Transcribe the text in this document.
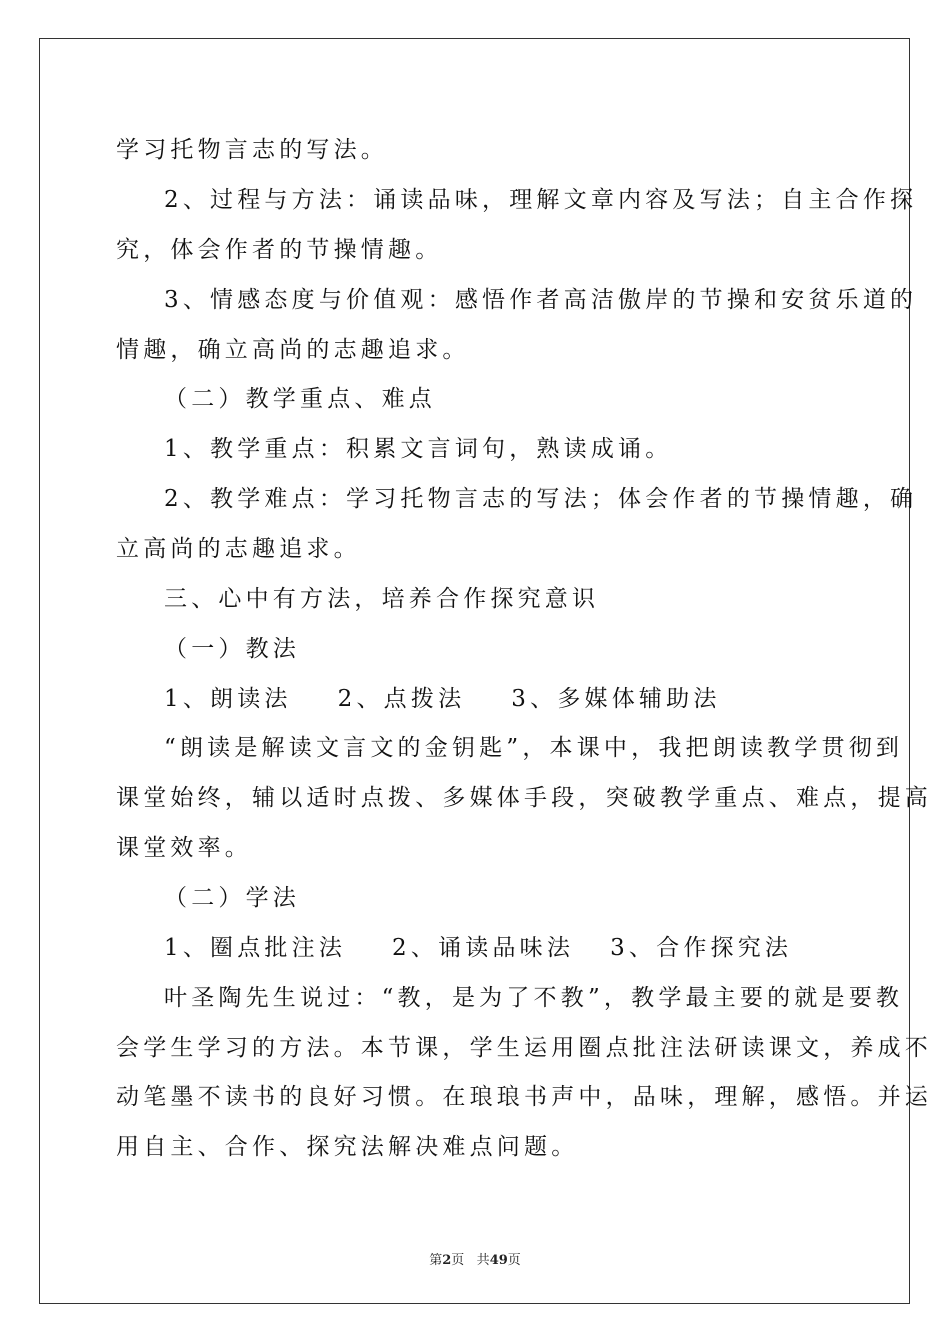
学习托物言志的写法。
2、过程与方法：诵读品味，理解文章内容及写法；自主合作探
究，体会作者的节操情趣。
3、情感态度与价值观：感悟作者高洁傲岸的节操和安贫乐道的
情趣，确立高尚的志趣追求。
（二）教学重点、难点
1、教学重点：积累文言词句，熟读成诵。
2、教学难点：学习托物言志的写法；体会作者的节操情趣，确
立高尚的志趣追求。
三、心中有方法，培养合作探究意识
（一）教法
1、朗读法 2、点拨法 3、多媒体辅助法
“朗读是解读文言文的金钥匙”，本课中，我把朗读教学贯彻到
课堂始终，辅以适时点拨、多媒体手段，突破教学重点、难点，提高
课堂效率。
（二）学法
1、圈点批注法 2、诵读品味法 3、合作探究法
叶圣陶先生说过：“教，是为了不教”，教学最主要的就是要教
会学生学习的方法。本节课，学生运用圈点批注法研读课文，养成不
动笔墨不读书的良好习惯。在琅琅书声中，品味，理解，感悟。并运
用自主、合作、探究法解决难点问题。
第2页 共49页
